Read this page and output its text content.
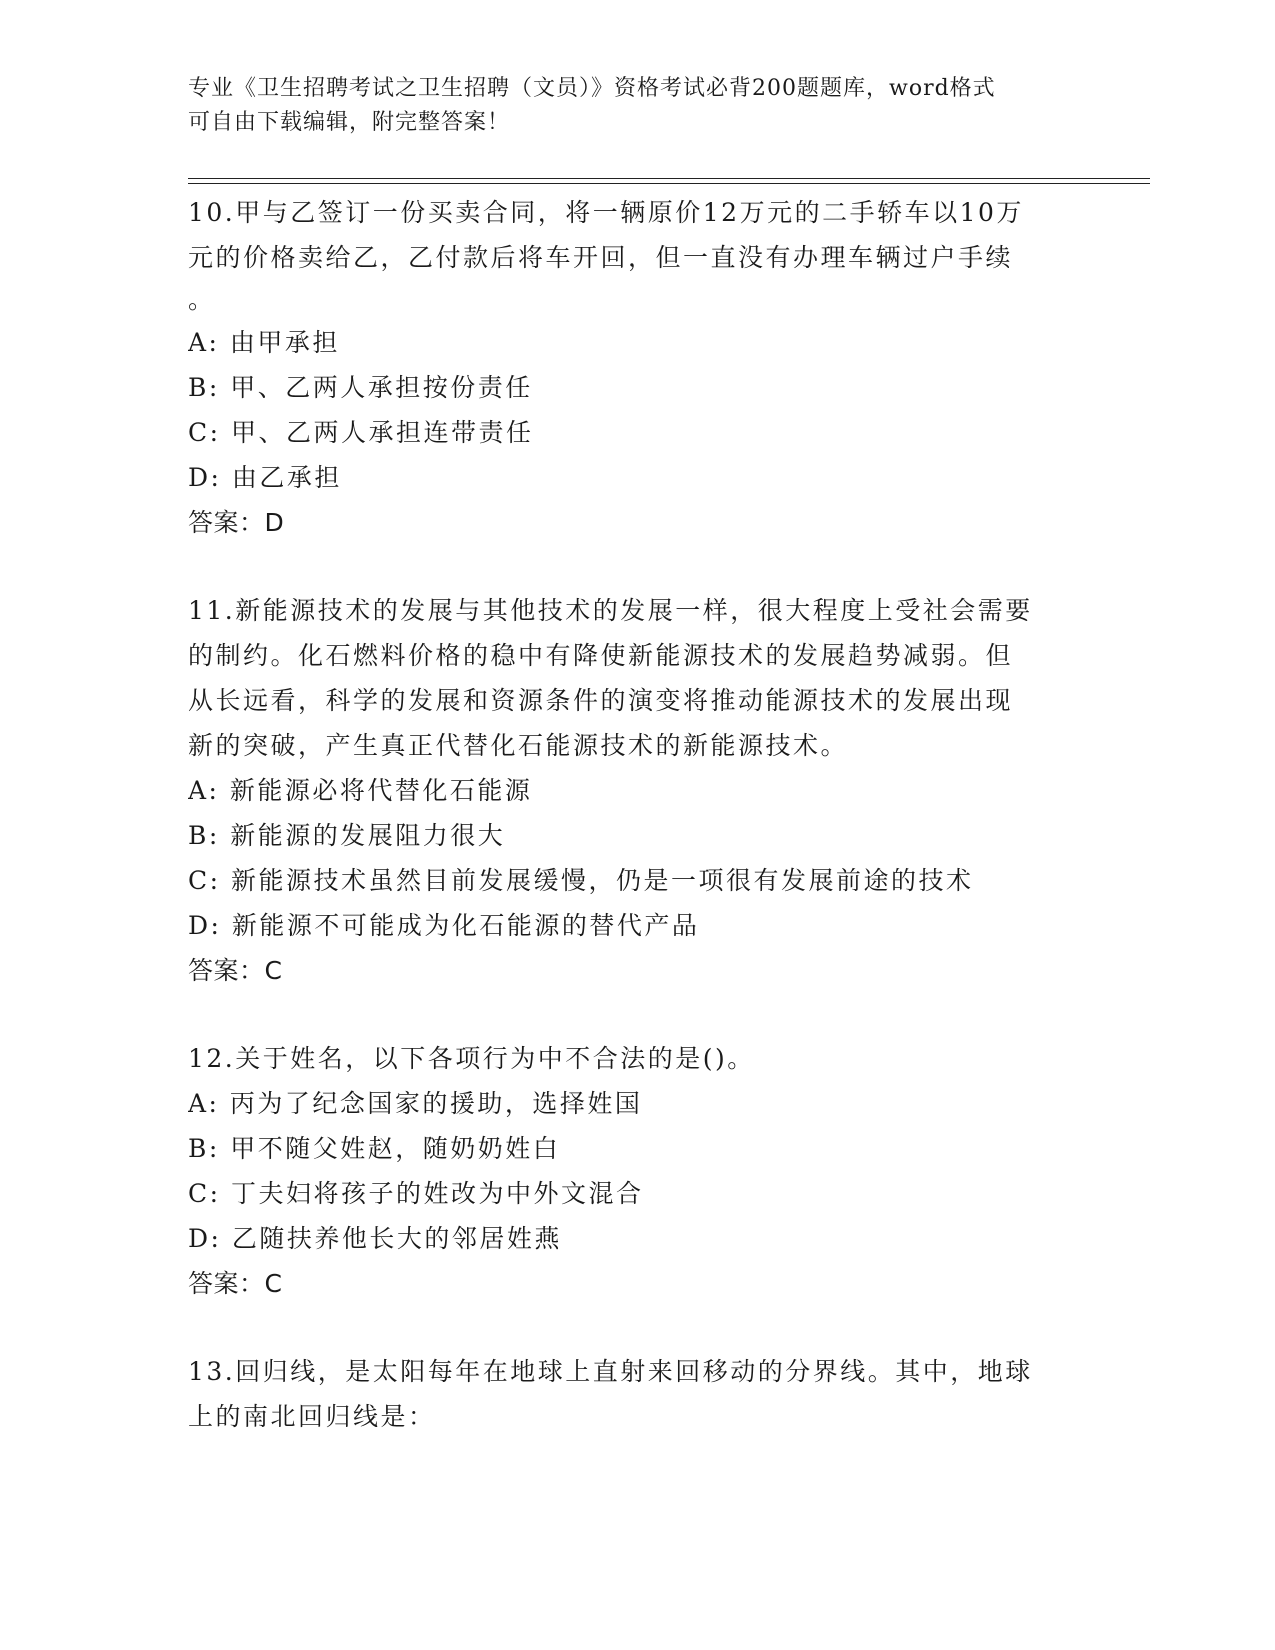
专业《卫生招聘考试之卫生招聘（文员）》资格考试必背200题题库，word格式
可自由下载编辑，附完整答案！
10.甲与乙签订一份买卖合同，将一辆原价12万元的二手轿车以10万
元的价格卖给乙，乙付款后将车开回，但一直没有办理车辆过户手续
。
A: 由甲承担
B: 甲、乙两人承担按份责任
C: 甲、乙两人承担连带责任
D: 由乙承担
答案：D
11.新能源技术的发展与其他技术的发展一样，很大程度上受社会需要
的制约。化石燃料价格的稳中有降使新能源技术的发展趋势减弱。但
从长远看，科学的发展和资源条件的演变将推动能源技术的发展出现
新的突破，产生真正代替化石能源技术的新能源技术。
A: 新能源必将代替化石能源
B: 新能源的发展阻力很大
C: 新能源技术虽然目前发展缓慢，仍是一项很有发展前途的技术
D: 新能源不可能成为化石能源的替代产品
答案：C
12.关于姓名，以下各项行为中不合法的是()。
A: 丙为了纪念国家的援助，选择姓国
B: 甲不随父姓赵，随奶奶姓白
C: 丁夫妇将孩子的姓改为中外文混合
D: 乙随扶养他长大的邻居姓燕
答案：C
13.回归线，是太阳每年在地球上直射来回移动的分界线。其中，地球
上的南北回归线是：
